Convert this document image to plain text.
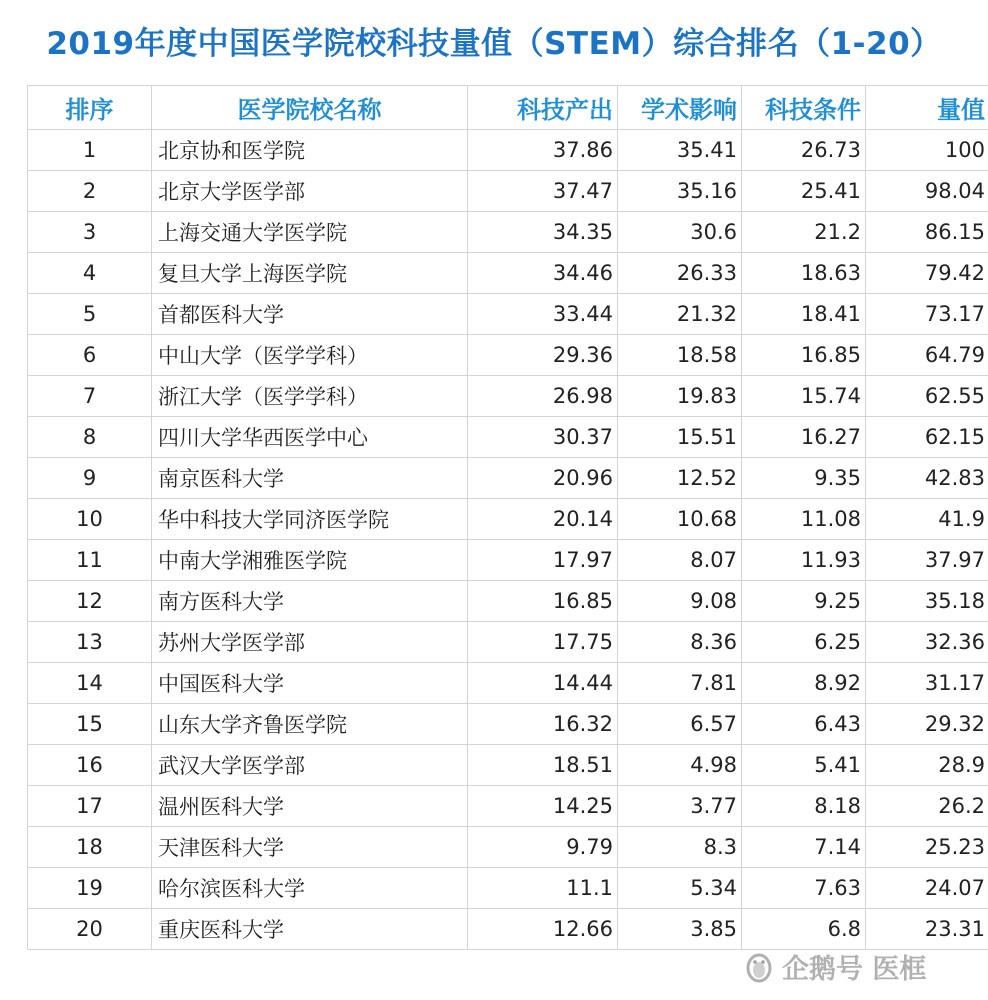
2019年度中国医学院校科技量值（STEM）综合排名（1-20）
排序	医学院校名称	科技产出	学术影响	科技条件	量值
1	北京协和医学院	37.86	35.41	26.73	100
2	北京大学医学部	37.47	35.16	25.41	98.04
3	上海交通大学医学院	34.35	30.6	21.2	86.15
4	复旦大学上海医学院	34.46	26.33	18.63	79.42
5	首都医科大学	33.44	21.32	18.41	73.17
6	中山大学（医学学科）	29.36	18.58	16.85	64.79
7	浙江大学（医学学科）	26.98	19.83	15.74	62.55
8	四川大学华西医学中心	30.37	15.51	16.27	62.15
9	南京医科大学	20.96	12.52	9.35	42.83
10	华中科技大学同济医学院	20.14	10.68	11.08	41.9
11	中南大学湘雅医学院	17.97	8.07	11.93	37.97
12	南方医科大学	16.85	9.08	9.25	35.18
13	苏州大学医学部	17.75	8.36	6.25	32.36
14	中国医科大学	14.44	7.81	8.92	31.17
15	山东大学齐鲁医学院	16.32	6.57	6.43	29.32
16	武汉大学医学部	18.51	4.98	5.41	28.9
17	温州医科大学	14.25	3.77	8.18	26.2
18	天津医科大学	9.79	8.3	7.14	25.23
19	哈尔滨医科大学	11.1	5.34	7.63	24.07
20	重庆医科大学	12.66	3.85	6.8	23.31
企鹅号 医框
